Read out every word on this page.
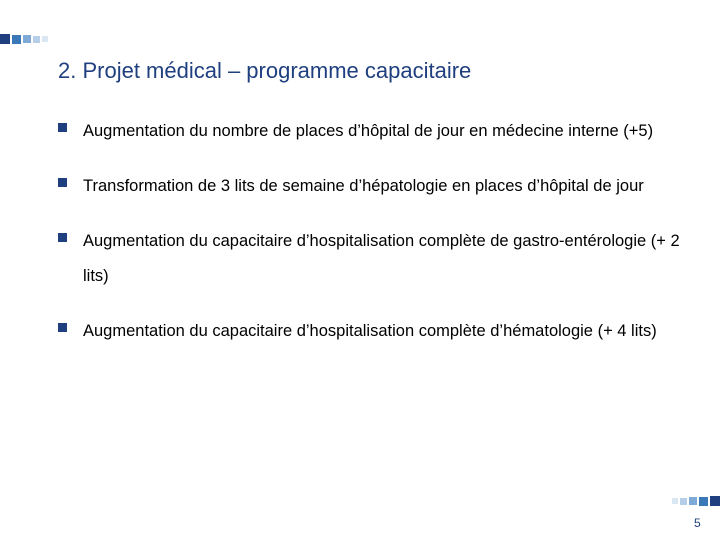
2. Projet médical – programme capacitaire
Augmentation du nombre de places d’hôpital de jour en médecine interne (+5)
Transformation de 3 lits de semaine d’hépatologie en places d’hôpital de jour
Augmentation du capacitaire d’hospitalisation complète de gastro-entérologie (+ 2 lits)
Augmentation du capacitaire d’hospitalisation complète d’hématologie (+ 4 lits)
5
